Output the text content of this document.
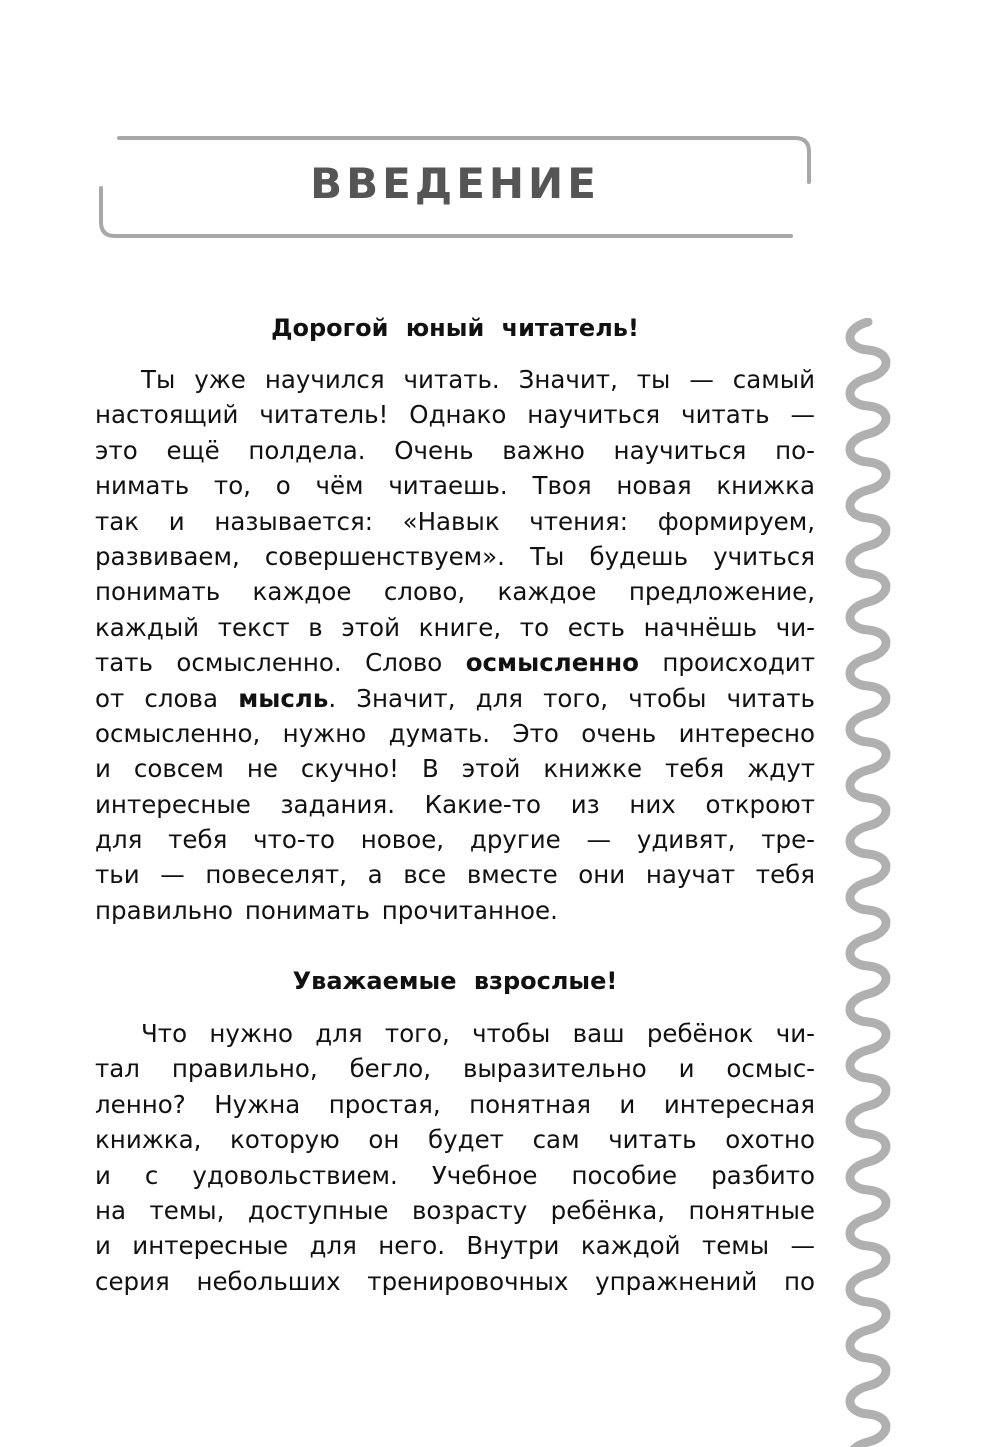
ВВЕДЕНИЕ
Дорогой юный читатель!
Ты уже научился читать. Значит, ты — самый
настоящий читатель! Однако научиться читать —
это ещё полдела. Очень важно научиться по-
нимать то, о чём читаешь. Твоя новая книжка
так и называется: «Навык чтения: формируем,
развиваем, совершенствуем». Ты будешь учиться
понимать каждое слово, каждое предложение,
каждый текст в этой книге, то есть начнёшь чи-
тать осмысленно. Слово осмысленно происходит
от слова мысль. Значит, для того, чтобы читать
осмысленно, нужно думать. Это очень интересно
и совсем не скучно! В этой книжке тебя ждут
интересные задания. Какие-то из них откроют
для тебя что-то новое, другие — удивят, тре-
тьи — повеселят, а все вместе они научат тебя
правильно понимать прочитанное.
Уважаемые взрослые!
Что нужно для того, чтобы ваш ребёнок чи-
тал правильно, бегло, выразительно и осмыс-
ленно? Нужна простая, понятная и интересная
книжка, которую он будет сам читать охотно
и с удовольствием. Учебное пособие разбито
на темы, доступные возрасту ребёнка, понятные
и интересные для него. Внутри каждой темы —
серия небольших тренировочных упражнений по
